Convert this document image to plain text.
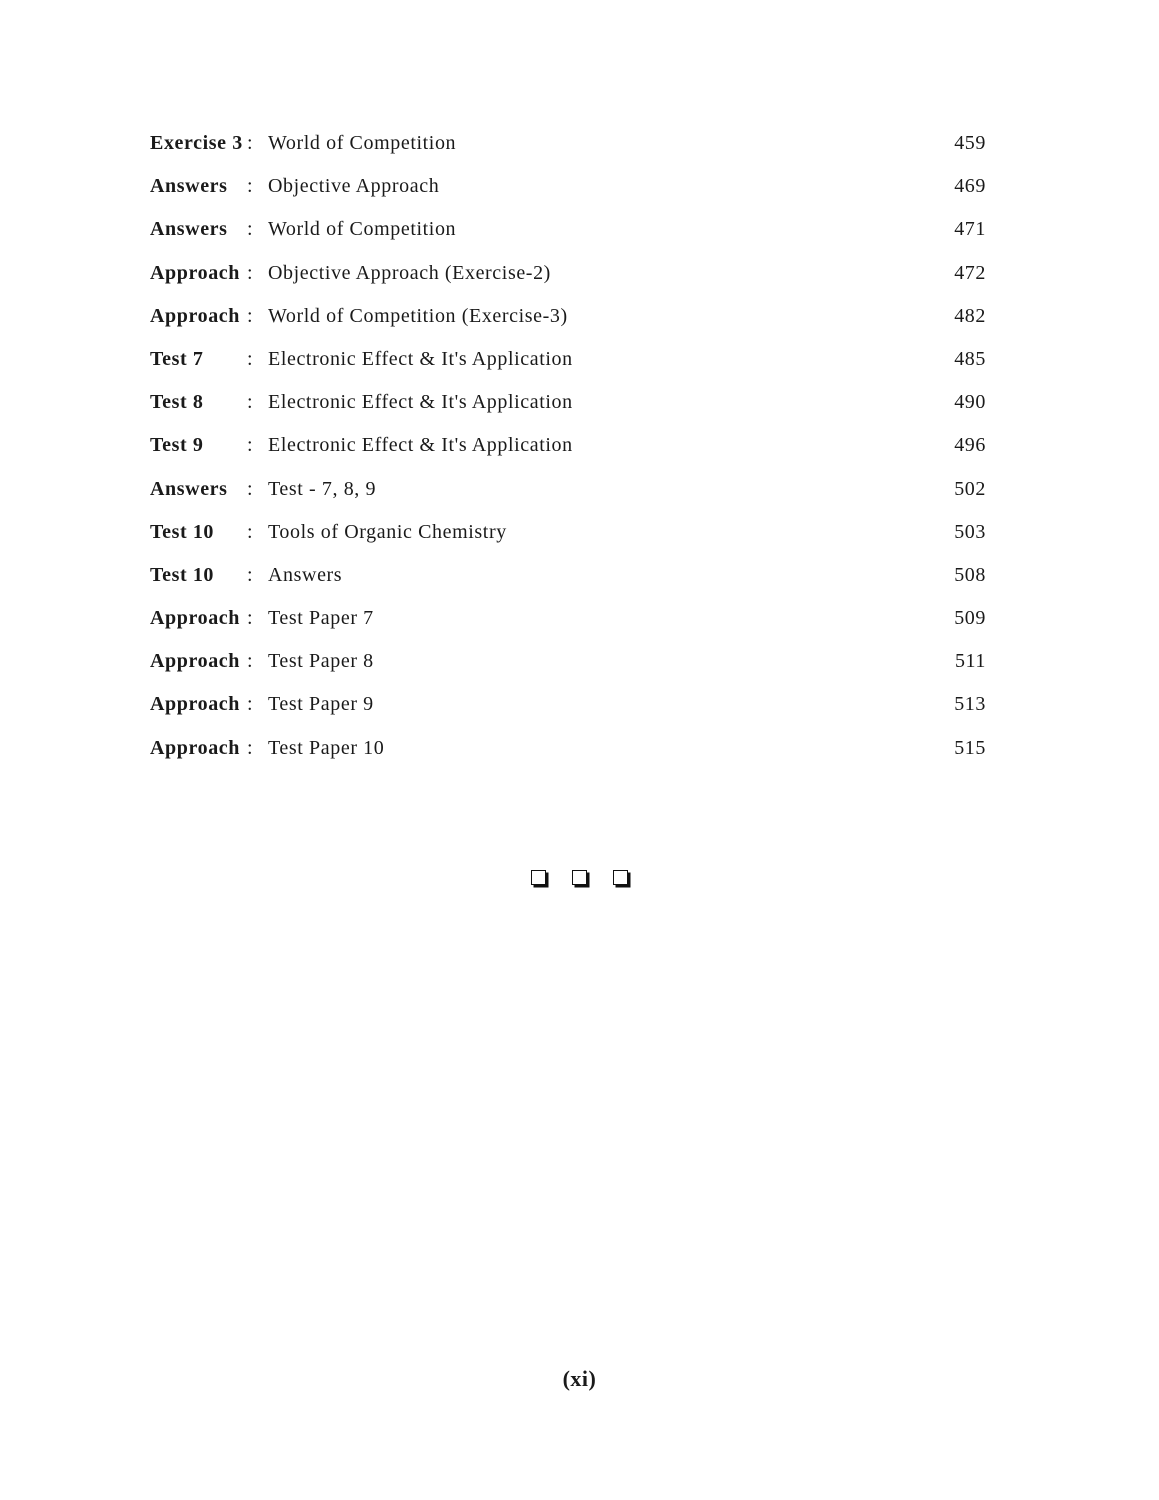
Exercise 3 : World of Competition	459
Answers : Objective Approach	469
Answers : World of Competition	471
Approach : Objective Approach (Exercise-2)	472
Approach : World of Competition (Exercise-3)	482
Test 7 : Electronic Effect & It's Application	485
Test 8 : Electronic Effect & It's Application	490
Test 9 : Electronic Effect & It's Application	496
Answers : Test - 7, 8, 9	502
Test 10 : Tools of Organic Chemistry	503
Test 10 : Answers	508
Approach : Test Paper 7	509
Approach : Test Paper 8	511
Approach : Test Paper 9	513
Approach : Test Paper 10	515
(xi)
